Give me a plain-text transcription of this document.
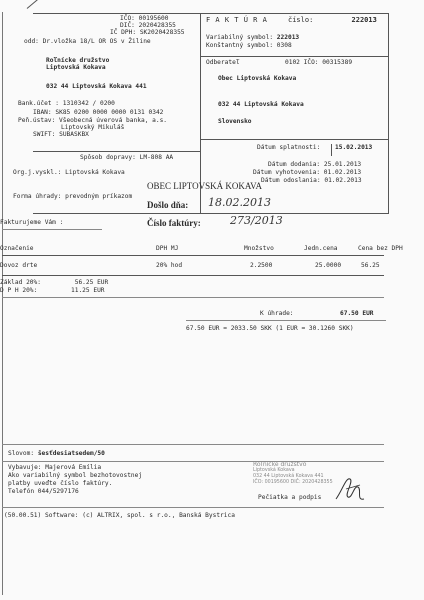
IČO: 00195600
DIČ: 2020428355
IČ DPH: SK2020428355
odd: Dr.vložka 18/L OR OS v Žiline
Roľnícke družstvo
Liptovská Kokava
032 44 Liptovská Kokava 441
Bank.účet : 1310342 / 0200
IBAN: SK85 0200 0000 0000 0131 0342
Peň.ústav: Všeobecná úverová banka, a.s.
Liptovský Mikuláš
SWIFT: SUBASKBX
F A K T Ú R A	číslo:	222013
Variabilný symbol: 222013
Konštantný symbol: 0308
Odberateľ	0102 IČO: 00315389
Obec Liptovská Kokava
032 44 Liptovská Kokava
Slovensko
Dátum splatnosti:	15.02.2013
Dátum dodania: 25.01.2013
Dátum vyhotovenia: 01.02.2013
Dátum odoslania: 01.02.2013
Spôsob dopravy: LM-808 AA
Org.j.vyskl.: Liptovská Kokava
Forma úhrady: prevodným príkazom
OBEC LIPTOVSKÁ KOKAVA
Došlo dňa: 18.02.2013
Číslo faktúry:	273/2013
Fakturujeme Vám :
Označenie	DPH MJ	Množstvo	Jedn.cena	Cena bez DPH
Dovoz drte	20% hod	2.2500	25.0000	56.25
Základ 20%:	56.25 EUR
D P H 20%:	11.25 EUR
K úhrade:	67.50 EUR
67.50 EUR = 2033.50 SKK (1 EUR = 30.1260 SKK)
Slovom: šesťdesiatsedem/50
Vybavuje: Majerová Emília
Ako variabilný symbol bezhotovostnej
platby uveďte číslo faktúry.
Telefón 044/5297176
Roľnícke družstvo
Liptovská Kokava
032 44 Liptovská Kokava 441
IČO: 00195600 DIČ: 2020428355
Pečiatka a podpis
(50.00.51) Software: (c) ALTRIX, spol. s r.o., Banská Bystrica
